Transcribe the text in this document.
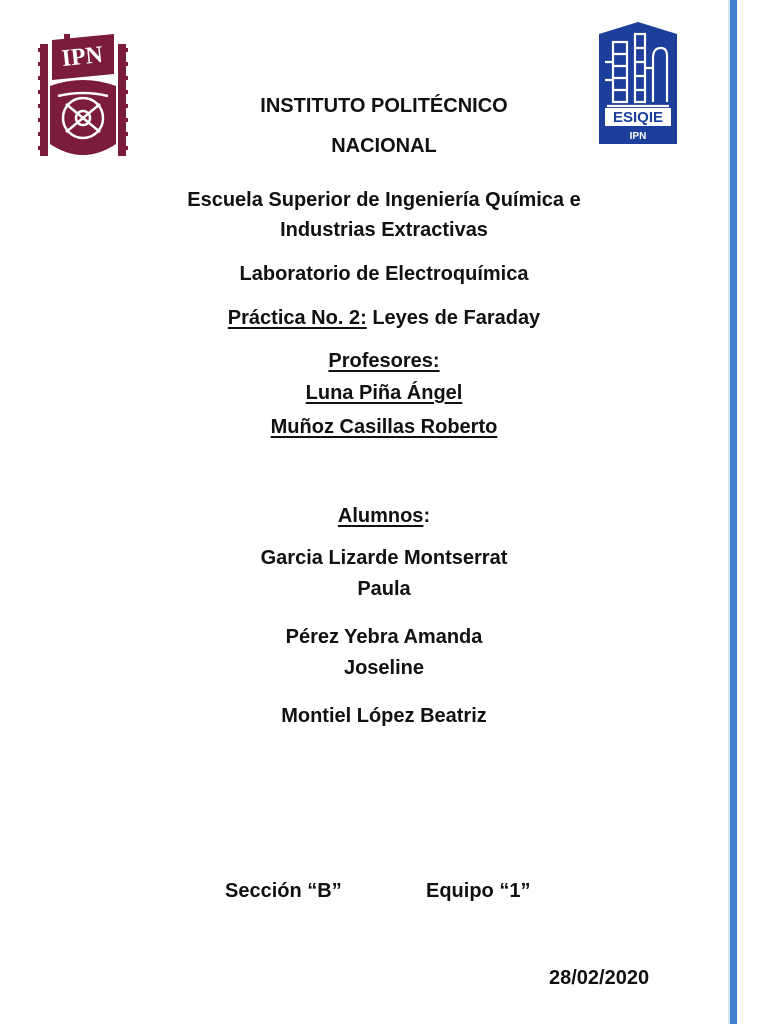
IPN
ESIQIE
IPN
INSTITUTO POLITÉCNICO
NACIONAL
Escuela Superior de Ingeniería Química e
Industrias Extractivas
Laboratorio de Electroquímica
Práctica No. 2: Leyes de Faraday
Profesores:
Luna Piña Ángel
Muñoz Casillas Roberto
Alumnos:
Garcia Lizarde Montserrat
Paula
Pérez Yebra Amanda
Joseline
Montiel López Beatriz
Sección “B”	Equipo “1”
28/02/2020
